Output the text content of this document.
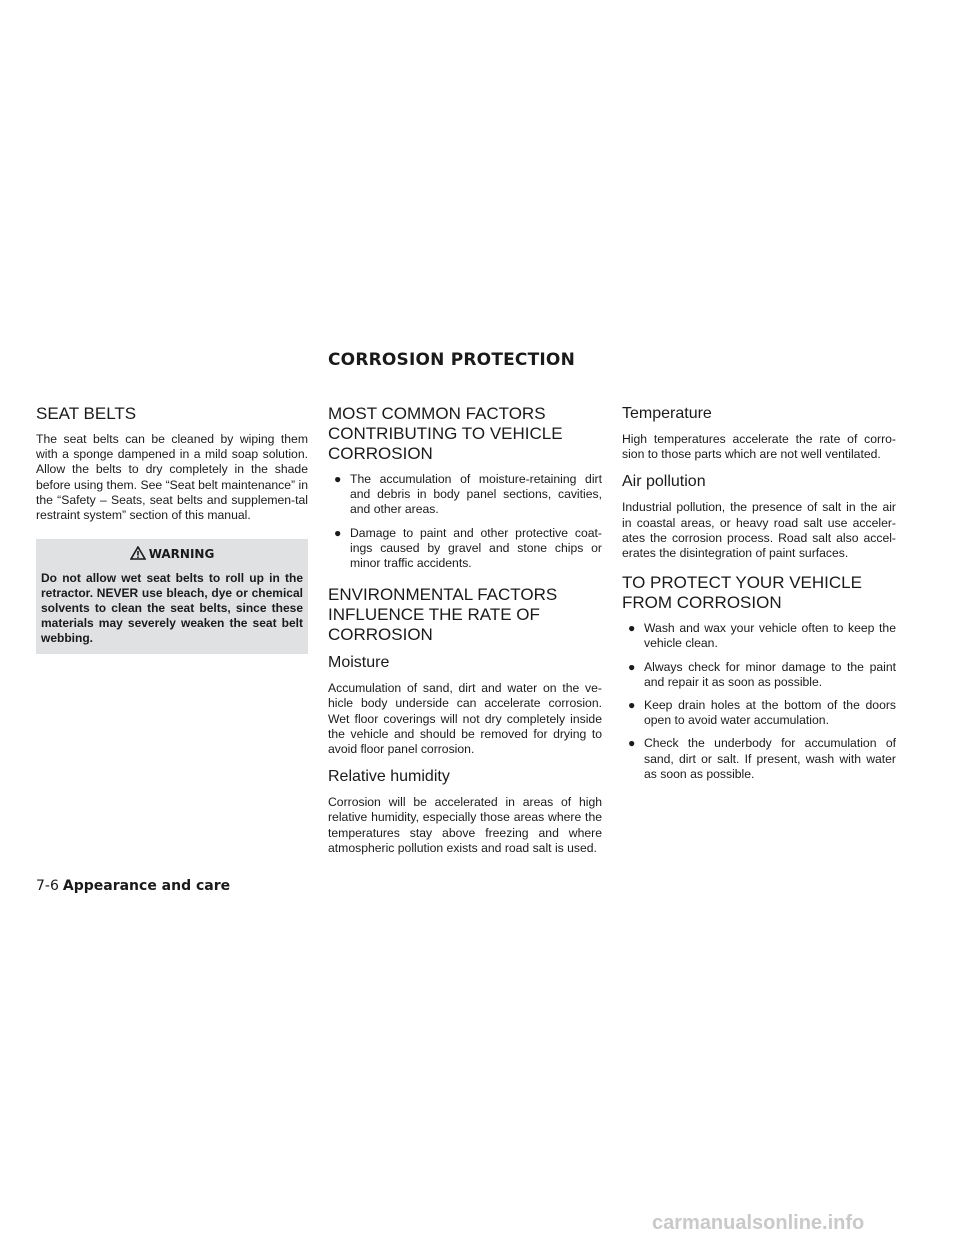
CORROSION PROTECTION
SEAT BELTS

The seat belts can be cleaned by wiping them with a sponge dampened in a mild soap solution. Allow the belts to dry completely in the shade before using them. See “Seat belt maintenance” in the “Safety – Seats, seat belts and supplemen-tal restraint system” section of this manual.

WARNING

Do not allow wet seat belts to roll up in the retractor. NEVER use bleach, dye or chemical solvents to clean the seat belts, since these materials may severely weaken the seat belt webbing.

MOST COMMON FACTORS CONTRIBUTING TO VEHICLE CORROSION
● The accumulation of moisture-retaining dirt and debris in body panel sections, cavities, and other areas.
● Damage to paint and other protective coat-ings caused by gravel and stone chips or minor traffic accidents.
ENVIRONMENTAL FACTORS INFLUENCE THE RATE OF CORROSION
Moisture

Accumulation of sand, dirt and water on the ve-hicle body underside can accelerate corrosion. Wet floor coverings will not dry completely inside the vehicle and should be removed for drying to avoid floor panel corrosion.

Relative humidity

Corrosion will be accelerated in areas of high relative humidity, especially those areas where the temperatures stay above freezing and where atmospheric pollution exists and road salt is used.

Temperature

High temperatures accelerate the rate of corro-sion to those parts which are not well ventilated.

Air pollution

Industrial pollution, the presence of salt in the air in coastal areas, or heavy road salt use acceler-ates the corrosion process. Road salt also accel-erates the disintegration of paint surfaces.

TO PROTECT YOUR VEHICLE FROM CORROSION
● Wash and wax your vehicle often to keep the vehicle clean.
● Always check for minor damage to the paint and repair it as soon as possible.
● Keep drain holes at the bottom of the doors open to avoid water accumulation.
● Check the underbody for accumulation of sand, dirt or salt. If present, wash with water as soon as possible.
7-6 Appearance and care
carmanualsonline.info
